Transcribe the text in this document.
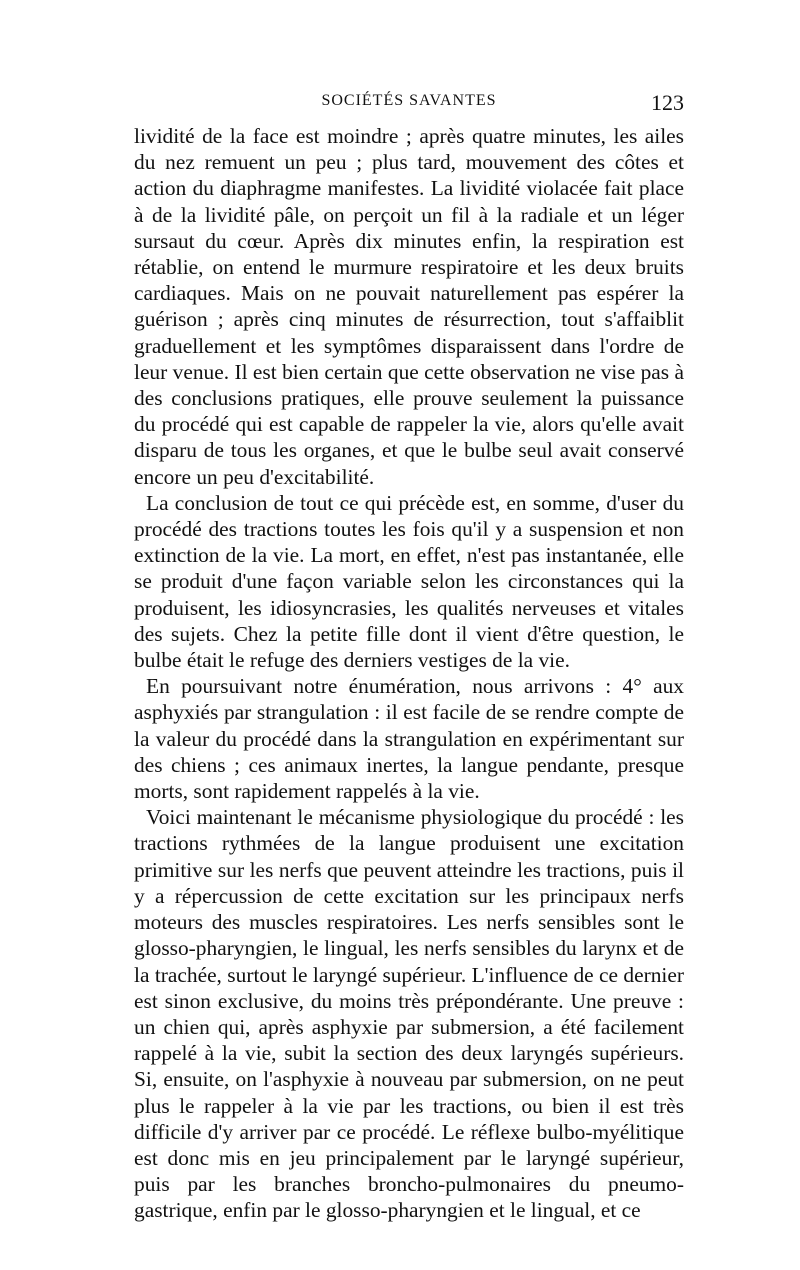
SOCIÉTÉS SAVANTES	123

lividité de la face est moindre ; après quatre minutes, les ailes du nez remuent un peu ; plus tard, mouvement des côtes et action du diaphragme manifestes. La lividité violacée fait place à de la lividité pâle, on perçoit un fil à la radiale et un léger sursaut du cœur. Après dix minutes enfin, la respiration est rétablie, on entend le murmure respiratoire et les deux bruits cardiaques. Mais on ne pouvait naturellement pas espérer la guérison ; après cinq minutes de résurrection, tout s'affaiblit graduellement et les symptômes disparaissent dans l'ordre de leur venue. Il est bien certain que cette observation ne vise pas à des conclusions pratiques, elle prouve seulement la puissance du procédé qui est capable de rappeler la vie, alors qu'elle avait disparu de tous les organes, et que le bulbe seul avait conservé encore un peu d'excitabilité.

La conclusion de tout ce qui précède est, en somme, d'user du procédé des tractions toutes les fois qu'il y a suspension et non extinction de la vie. La mort, en effet, n'est pas instantanée, elle se produit d'une façon variable selon les circonstances qui la produisent, les idiosyncrasies, les qualités nerveuses et vitales des sujets. Chez la petite fille dont il vient d'être question, le bulbe était le refuge des derniers vestiges de la vie.

En poursuivant notre énumération, nous arrivons : 4° aux asphyxiés par strangulation : il est facile de se rendre compte de la valeur du procédé dans la strangulation en expérimentant sur des chiens ; ces animaux inertes, la langue pendante, presque morts, sont rapidement rappelés à la vie.

Voici maintenant le mécanisme physiologique du procédé : les tractions rythmées de la langue produisent une excitation primitive sur les nerfs que peuvent atteindre les tractions, puis il y a répercussion de cette excitation sur les principaux nerfs moteurs des muscles respiratoires. Les nerfs sensibles sont le glosso-pharyngien, le lingual, les nerfs sensibles du larynx et de la trachée, surtout le laryngé supérieur. L'influence de ce dernier est sinon exclusive, du moins très prépondérante. Une preuve : un chien qui, après asphyxie par submersion, a été facilement rappelé à la vie, subit la section des deux laryngés supérieurs. Si, ensuite, on l'asphyxie à nouveau par submersion, on ne peut plus le rappeler à la vie par les tractions, ou bien il est très difficile d'y arriver par ce procédé. Le réflexe bulbo-myélitique est donc mis en jeu principalement par le laryngé supérieur, puis par les branches broncho-pulmonaires du pneumo-gastrique, enfin par le glosso-pharyngien et le lingual, et ce
